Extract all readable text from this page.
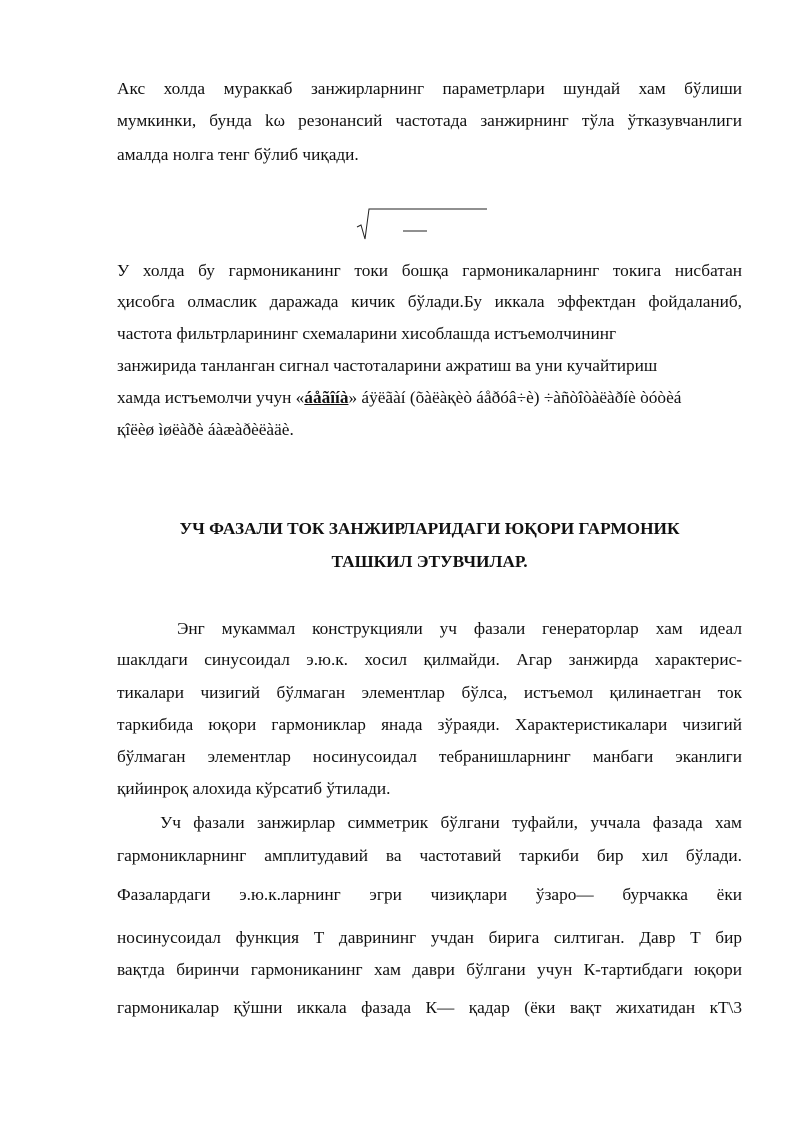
Акс холда мураккаб занжирларнинг параметрлари шундай хам бўлиши
мумкинки, бунда kω резонансий частотада занжирнинг тўла ўтказувчанлиги
амалда нолга тенг бўлиб чиқади.
У холда бу гармоникaнинг токи бошқа гармоникаларнинг токига нисбатан
ҳисобга олмаслик даражада кичик бўлади.Бу иккала эффектдан фойдаланиб,
частота фильтрларининг схемаларини хисоблашда истъемолчининг
занжирида танланган сигнал частоталарини ажратиш ва уни кучайтириш
хамда истъемолчи учун «áåãîíà» áÿëãàí (õàëàқèò áåðóâ÷è) ÷àñòîòàëàðíè òóòèá
қîëèø ìøëàðè áàæàðèëàäè.
УЧ ФАЗАЛИ ТОК ЗАНЖИРЛАРИДАГИ ЮҚОРИ ГАРМОНИК
ТАШКИЛ ЭТУВЧИЛАР.
Энг мукаммал конструкцияли уч фазали генераторлар хам идеал
шаклдаги синусоидал э.ю.к. хосил қилмайди. Агар занжирда характерис-
тикалари чизигий бўлмаган элементлар бўлса, истъемол қилинаетган ток
таркибида юқори гармониклар янада зўраяди. Характеристикалари чизигий
бўлмаган элементлар носинусоидал тебранишларнинг манбаги эканлиги
қийинроқ алохида кўрсатиб ўтилади.
Уч фазали занжирлар симметрик бўлгани туфайли, уччала фазада хам
гармоникларнинг амплитудавий ва частотавий таркиби бир хил бўлади.
Фазалардаги э.ю.к.ларнинг эгри чизиқлари ўзаро— бурчакка ёки
носинусоидал функция Т даврининг учдан бирига силтиган. Давр Т бир
вақтда биринчи гармониканинг хам даври бўлгани учун К-тартибдаги юқори
гармоникалар қўшни иккала фазада К— қадар (ёки вақт жихатидан кТ\3
